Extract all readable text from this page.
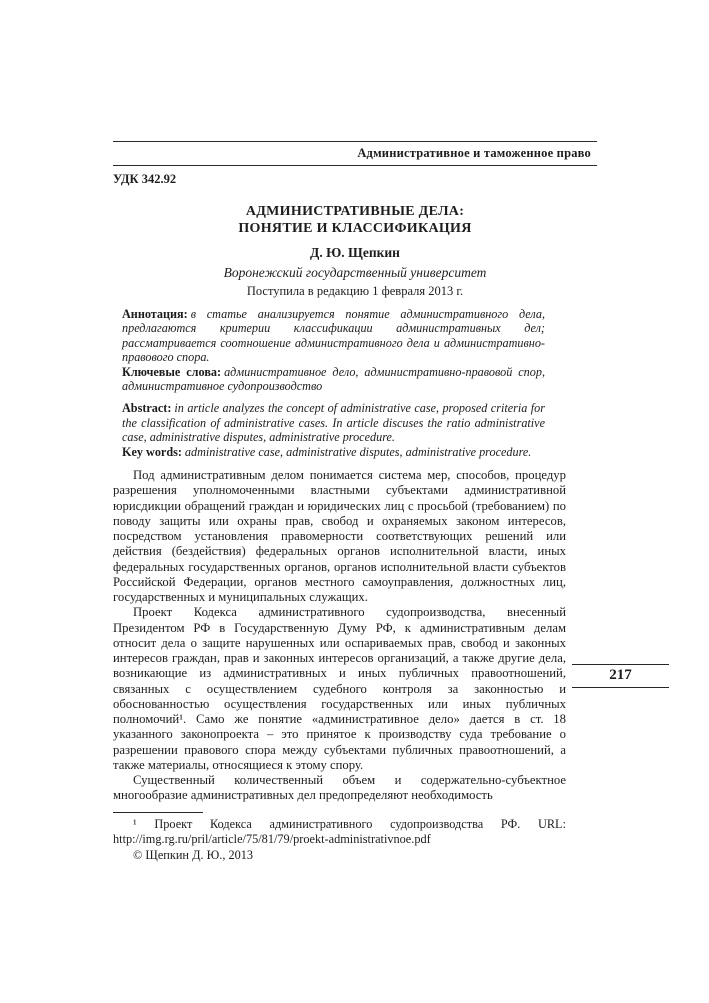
Административное и таможенное право
УДК 342.92
АДМИНИСТРАТИВНЫЕ ДЕЛА:
ПОНЯТИЕ И КЛАССИФИКАЦИЯ
Д. Ю. Щепкин
Воронежский государственный университет
Поступила в редакцию 1 февраля 2013 г.

Аннотация: в статье анализируется понятие административного дела, предлагаются критерии классификации административных дел; рассматривается соотношение административного дела и административно-правового спора.

Ключевые слова: административное дело, административно-правовой спор, административное судопроизводство

Abstract: in article analyzes the concept of administrative case, proposed criteria for the classification of administrative cases. In article discuses the ratio administrative case, administrative disputes, administrative procedure.

Key words: administrative case, administrative disputes, administrative procedure.

Под административным делом понимается система мер, способов, процедур разрешения уполномоченными властными субъектами административной юрисдикции обращений граждан и юридических лиц с просьбой (требованием) по поводу защиты или охраны прав, свобод и охраняемых законом интересов, посредством установления правомерности соответствующих решений или действия (бездействия) федеральных органов исполнительной власти, иных федеральных государственных органов, органов исполнительной власти субъектов Российской Федерации, органов местного самоуправления, должностных лиц, государственных и муниципальных служащих.

Проект Кодекса административного судопроизводства, внесенный Президентом РФ в Государственную Думу РФ, к административным делам относит дела о защите нарушенных или оспариваемых прав, свобод и законных интересов граждан, прав и законных интересов организаций, а также другие дела, возникающие из административных и иных публичных правоотношений, связанных с осуществлением судебного контроля за законностью и обоснованностью осуществления государственных или иных публичных полномочий¹. Само же понятие «административное дело» дается в ст. 18 указанного законопроекта – это принятое к производству суда требование о разрешении правового спора между субъектами публичных правоотношений, а также материалы, относящиеся к этому спору.

Существенный количественный объем и содержательно-субъектное многообразие административных дел предопределяют необходимость

217

¹ Проект Кодекса административного судопроизводства РФ. URL: http://img.rg.ru/pril/article/75/81/79/proekt-administrativnoe.pdf

© Щепкин Д. Ю., 2013
